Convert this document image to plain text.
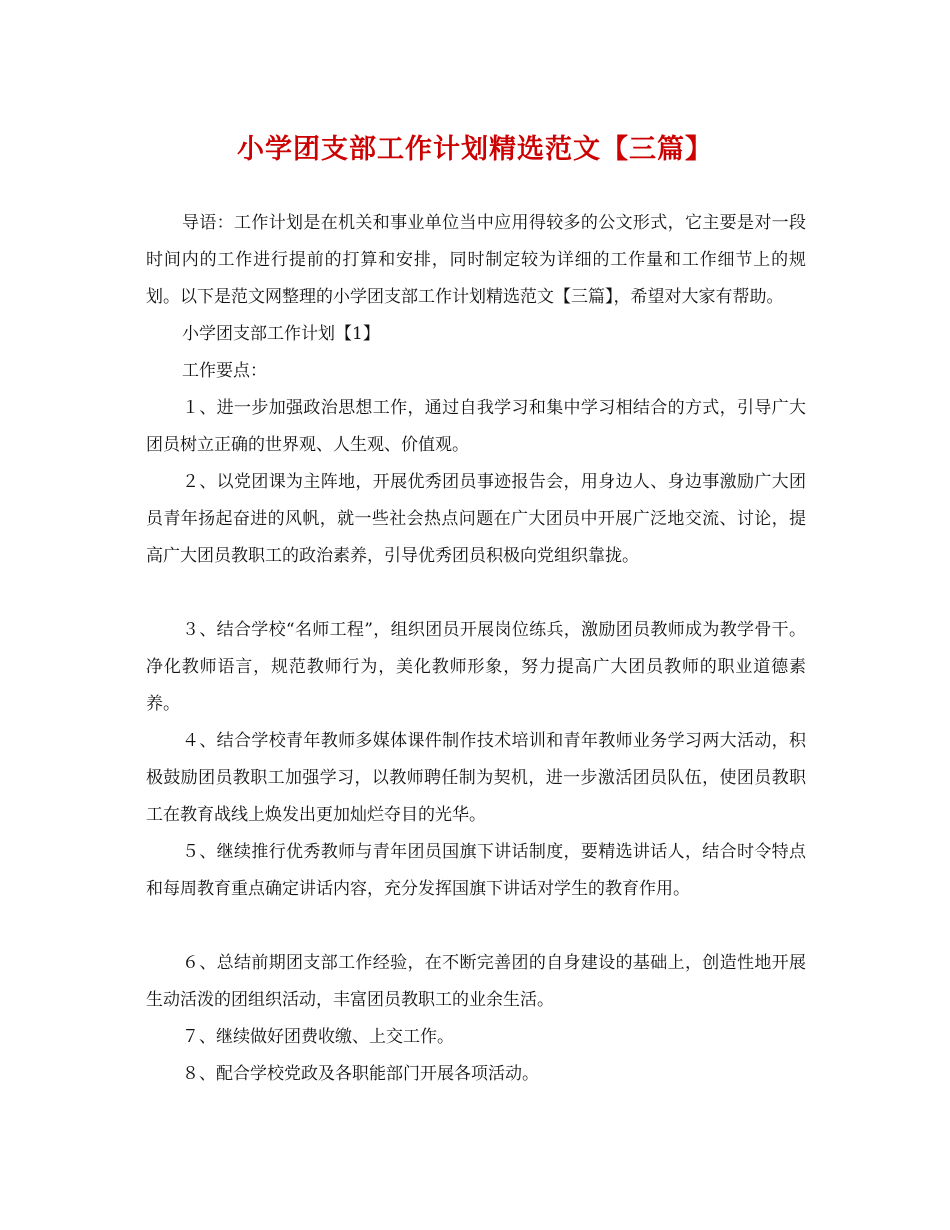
小学团支部工作计划精选范文【三篇】

导语：工作计划是在机关和事业单位当中应用得较多的公文形式，它主要是对一段时间内的工作进行提前的打算和安排，同时制定较为详细的工作量和工作细节上的规划。以下是范文网整理的小学团支部工作计划精选范文【三篇】，希望对大家有帮助。

小学团支部工作计划【1】

工作要点：

１、进一步加强政治思想工作，通过自我学习和集中学习相结合的方式，引导广大团员树立正确的世界观、人生观、价值观。

２、以党团课为主阵地，开展优秀团员事迹报告会，用身边人、身边事激励广大团员青年扬起奋进的风帆，就一些社会热点问题在广大团员中开展广泛地交流、讨论，提高广大团员教职工的政治素养，引导优秀团员积极向党组织靠拢。

３、结合学校“名师工程”，组织团员开展岗位练兵，激励团员教师成为教学骨干。净化教师语言，规范教师行为，美化教师形象，努力提高广大团员教师的职业道德素养。

４、结合学校青年教师多媒体课件制作技术培训和青年教师业务学习两大活动，积极鼓励团员教职工加强学习，以教师聘任制为契机，进一步激活团员队伍，使团员教职工在教育战线上焕发出更加灿烂夺目的光华。

５、继续推行优秀教师与青年团员国旗下讲话制度，要精选讲话人，结合时令特点和每周教育重点确定讲话内容，充分发挥国旗下讲话对学生的教育作用。

６、总结前期团支部工作经验，在不断完善团的自身建设的基础上，创造性地开展生动活泼的团组织活动，丰富团员教职工的业余生活。

７、继续做好团费收缴、上交工作。

８、配合学校党政及各职能部门开展各项活动。
